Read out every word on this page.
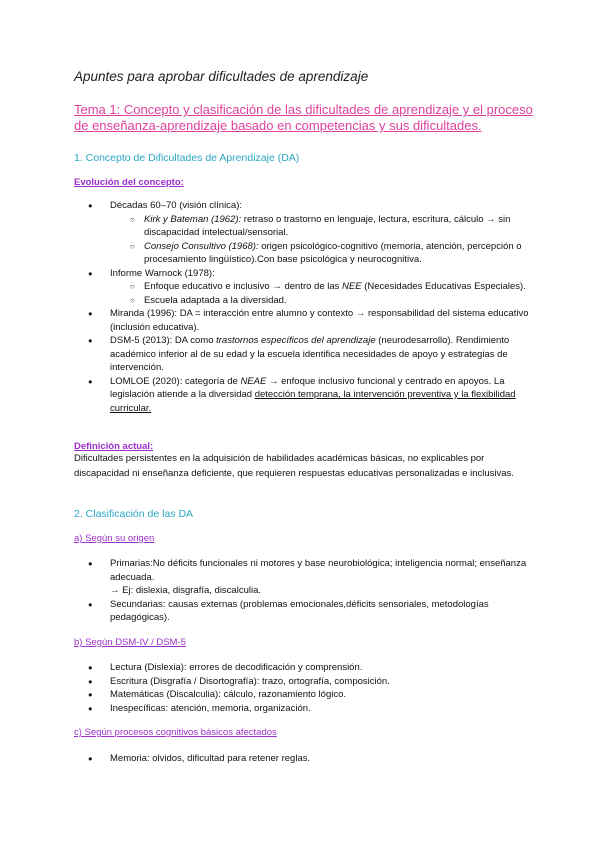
Apuntes para aprobar dificultades de aprendizaje
Tema 1: Concepto y clasificación de las dificultades de aprendizaje y el proceso de enseñanza-aprendizaje basado en competencias y sus dificultades.
1. Concepto de Dificultades de Aprendizaje (DA)
Evolución del concepto:
● Décadas 60–70 (visión clínica):
○ Kirk y Bateman (1962): retraso o trastorno en lenguaje, lectura, escritura, cálculo → sin discapacidad intelectual/sensorial.
○ Consejo Consultivo (1968): origen psicológico-cognitivo (memoria, atención, percepción o procesamiento lingüístico).Con base psicológica y neurocognitiva.
● Informe Warnock (1978):
○ Enfoque educativo e inclusivo → dentro de las NEE (Necesidades Educativas Especiales).
○ Escuela adaptada a la diversidad.
● Miranda (1996): DA = interacción entre alumno y contexto → responsabilidad del sistema educativo (inclusión educativa).
● DSM-5 (2013): DA como trastornos específicos del aprendizaje (neurodesarrollo). Rendimiento académico inferior al de su edad y la escuela identifica necesidades de apoyo y estrategias de intervención.
● LOMLOE (2020): categoría de NEAE → enfoque inclusivo funcional y centrado en apoyos. La legislación atiende a la diversidad detección temprana, la intervención preventiva y la flexibilidad curricular.
Definición actual:
Dificultades persistentes en la adquisición de habilidades académicas básicas, no explicables por discapacidad ni enseñanza deficiente, que requieren respuestas educativas personalizadas e inclusivas.
2. Clasificación de las DA
a) Según su origen
● Primarias:No déficits funcionales ni motores y base neurobiológica; inteligencia normal; enseñanza adecuada.
→ Ej: dislexia, disgrafía, discalculia.
● Secundarias: causas externas (problemas emocionales,déficits sensoriales, metodologías pedagógicas).
b) Según DSM-IV / DSM-5
● Lectura (Dislexia): errores de decodificación y comprensión.
● Escritura (Disgrafía / Disortografía): trazo, ortografía, composición.
● Matemáticas (Discalculia): cálculo, razonamiento lógico.
● Inespecíficas: atención, memoria, organización.
c) Según procesos cognitivos básicos afectados
● Memoria: olvidos, dificultad para retener reglas.
